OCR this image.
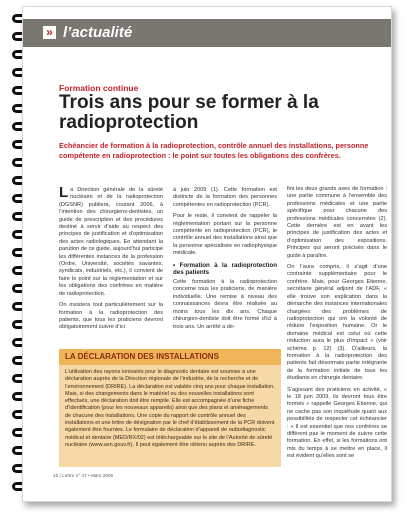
» l’actualité
Formation continue
Trois ans pour se former à la radioprotection
Echéancier de formation à la radioprotection, contrôle annuel des installations, personne compétente en radioprotection : le point sur toutes les obligations des confrères.

La Direction générale de la sûreté nucléaire et de la radioprotection (DGSNR) publiera, courant 2006, à l’intention des chirurgiens-dentistes, un guide de prescription et des procédures destiné à servir d’aide au respect des principes de justification et d’optimisation des actes radiologiques. En attendant la parution de ce guide, aujourd’hui participé les différentes instances de la profession (Ordre, Université, sociétés savantes, syndicats, industriels, etc.), il convient de faire le point sur la réglementation et sur les obligations des confrères en matière de radioprotection.

On insistera tout particulièrement sur la formation à la radioprotection des patients, que tous les praticiens devront obligatoirement suivre d’ici

à juin 2009 (1). Cette formation est distincte de la formation des personnes compétentes en radioprotection (PCR).

Pour le reste, il convient de rappeler la réglementation portant sur la personne compétente en radioprotection (PCR), le contrôle annuel des installations ainsi que la personne spécialisée en radiophysique médicale.

• Formation à la radioprotection des patients

Cette formation à la radioprotection concerne tous les praticiens, de manière individuelle. Une remise à niveau des connaissances devra être réalisée au moins tous les dix ans. Chaque chirurgien-dentiste doit être formé d’ici à trois ans. Un arrêté a dé-

fini les deux grands axes de formation : une partie commune à l’ensemble des professions médicales et une partie spécifique pour chacune des professions médicales concernées (2). Cette dernière est en avant les principes de justification des actes et d’optimisation des expositions. Principes qui seront précisés dans le guide à paraître.

On l’aura compris, il s’agit d’une contrainte supplémentaire pour le confrère. Mais, pour Georges Etienne, secrétaire général adjoint de l’ADF, « elle trouve son explication dans la démarche des instances internationales chargées des problèmes de radioprotection qui ont la volonté de réduire l’exposition humaine. Or le domaine médical est celui où cette réduction aura le plus d’impact » (voir schéma p. 12) (3). D’ailleurs, la formation à la radioprotection des patients fait désormais partie intégrante de la formation initiale de tous les étudiants en chirurgie dentaire.

S’agissant des praticiens en activité, « le 18 juin 2009, ils devront tous être formés » rappelle Georges Etienne, qui ne cache pas son inquiétude quant aux possibilités de respecter cet échéancier : « Il est essentiel que nos confrères se diffèrent pas le moment de suivre cette formation. En effet, si les formations ont mis du temps à se mettre en place, il est évident qu’elles sont se

LA DÉCLARATION DES INSTALLATIONS
L’utilisation des rayons ionisants pour le diagnostic dentaire est soumise à une déclaration auprès de la Direction régionale de l’industrie, de la recherche et de l’environnement (DRIRE). La déclaration est valable cinq ans pour chaque installation. Mais, si des changements dans le matériel ou des nouvelles installations sont effectués, une déclaration doit être remplie. Elle est accompagnée d’une fiche d’identification (pour les nouveaux appareils) ainsi que des plans et aménagements de chacune des installations. Une copie du rapport de contrôle annuel des installations et une lettre de désignation par le chef d’établissement de la PCR doivent également être fournies. Le formulaire de déclaration d’appareil de radiodiagnostic médical et dentaire (MED/RX/02) est téléchargeable sur le site de l’Autorité de sûreté nucléaire (www.asn.gouv.fr). Il peut également être obtenu auprès des DRIRE.
10 | Lettre n° 47 • Mars 2006
